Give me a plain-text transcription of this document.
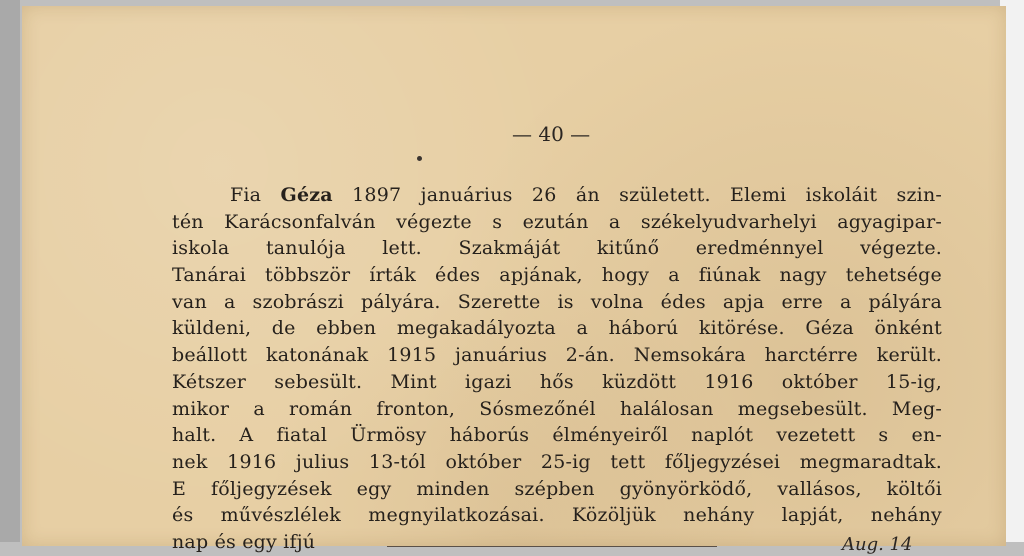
— 40 —
Fia Géza 1897 januárius 26 án született. Elemi iskoláit szin-
tén Karácsonfalván végezte s ezután a székelyudvarhelyi agyagipar-
iskola tanulója lett. Szakmáját kitűnő eredménnyel végezte.
Tanárai többször írták édes apjának, hogy a fiúnak nagy tehetsége
van a szobrászi pályára. Szerette is volna édes apja erre a pályára
küldeni, de ebben megakadályozta a háború kitörése. Géza önként
beállott katonának 1915 januárius 2-án. Nemsokára harctérre került.
Kétszer sebesült. Mint igazi hős küzdött 1916 október 15-ig,
mikor a román fronton, Sósmezőnél halálosan megsebesült. Meg-
halt. A fiatal Ürmösy háborús élményeiről naplót vezetett s en-
nek 1916 julius 13-tól október 25-ig tett főljegyzései megmaradtak.
E főljegyzések egy minden szépben gyönyörködő, vallásos, költői
és művészlélek megnyilatkozásai. Közöljük nehány lapját, nehány
nap és egy ifjú	Aug. 14
